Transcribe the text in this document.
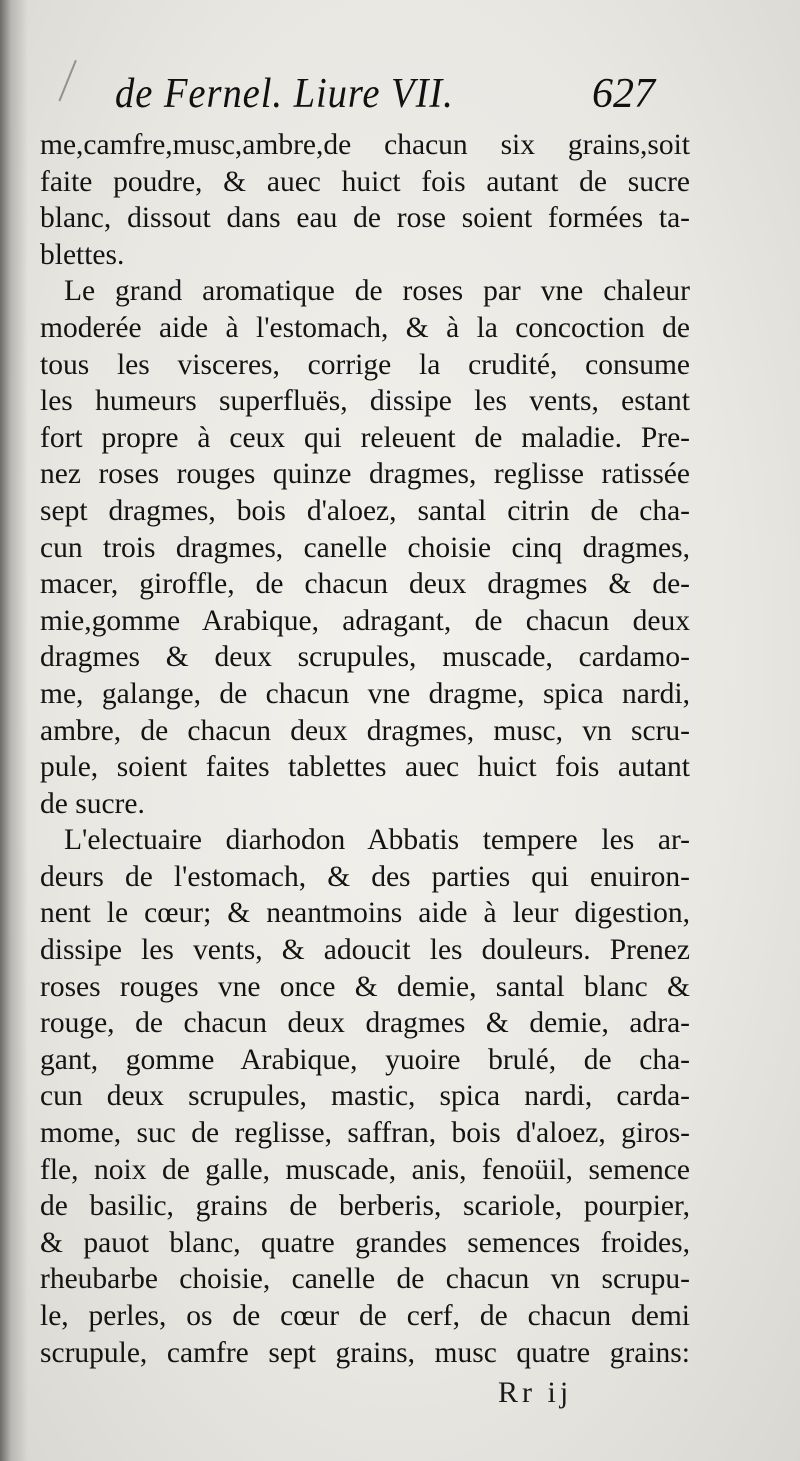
de Fernel. Liure VII.	627
me,camfre,musc,ambre,de chacun six grains,soit
faite poudre, & auec huict fois autant de sucre
blanc, dissout dans eau de rose soient formées ta-
blettes.
Le grand aromatique de roses par vne chaleur
moderée aide à l'estomach, & à la concoction de
tous les visceres, corrige la crudité, consume
les humeurs superfluës, dissipe les vents, estant
fort propre à ceux qui releuent de maladie. Pre-
nez roses rouges quinze dragmes, reglisse ratissée
sept dragmes, bois d'aloez, santal citrin de cha-
cun trois dragmes, canelle choisie cinq dragmes,
macer, giroffle, de chacun deux dragmes & de-
mie,gomme Arabique, adragant, de chacun deux
dragmes & deux scrupules, muscade, cardamo-
me, galange, de chacun vne dragme, spica nardi,
ambre, de chacun deux dragmes, musc, vn scru-
pule, soient faites tablettes auec huict fois autant
de sucre.
L'electuaire diarhodon Abbatis tempere les ar-
deurs de l'estomach, & des parties qui enuiron-
nent le cœur; & neantmoins aide à leur digestion,
dissipe les vents, & adoucit les douleurs. Prenez
roses rouges vne once & demie, santal blanc &
rouge, de chacun deux dragmes & demie, adra-
gant, gomme Arabique, yuoire brulé, de cha-
cun deux scrupules, mastic, spica nardi, carda-
mome, suc de reglisse, saffran, bois d'aloez, giros-
fle, noix de galle, muscade, anis, fenoüil, semence
de basilic, grains de berberis, scariole, pourpier,
& pauot blanc, quatre grandes semences froides,
rheubarbe choisie, canelle de chacun vn scrupu-
le, perles, os de cœur de cerf, de chacun demi
scrupule, camfre sept grains, musc quatre grains:
Rr ij
